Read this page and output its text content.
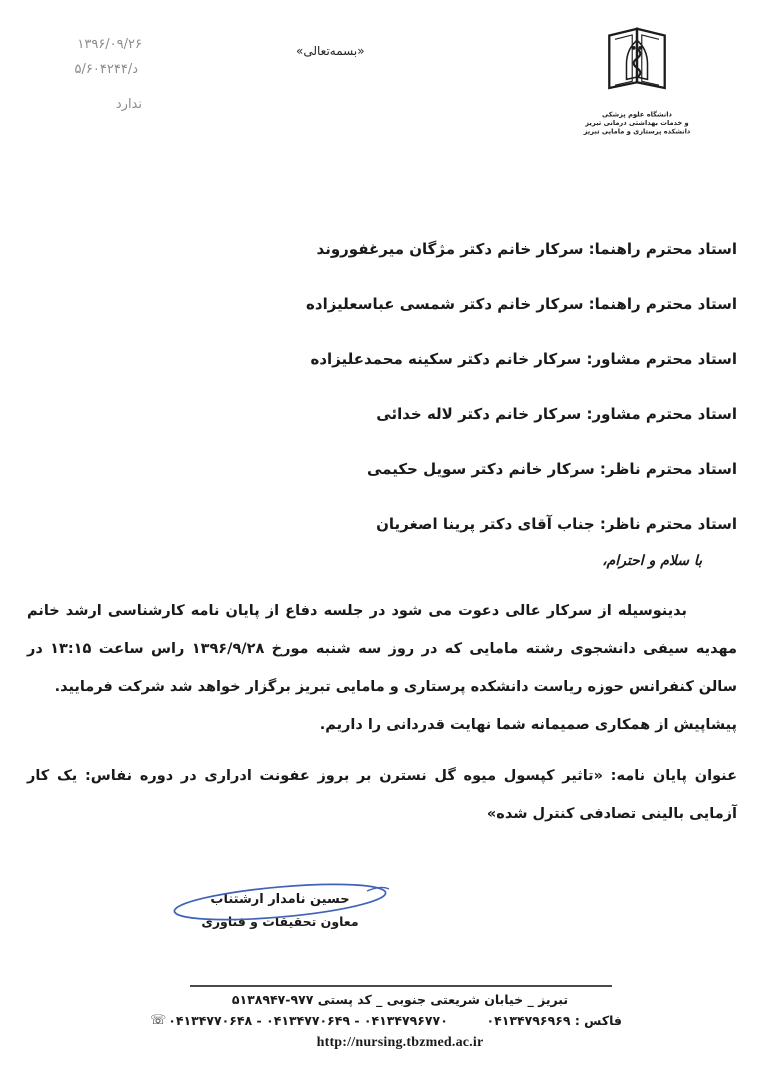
۱۳۹۶/۰۹/۲۶
۵/د/۶۰۴۲۴۴
ندارد
«بسمه‌تعالی»
دانشگاه علوم پزشکی
و خدمات بهداشتی درمانی تبریز
دانشکده پرستاری و مامایی تبریز
استاد محترم راهنما: سرکار خانم دکتر مژگان میرغفوروند
استاد محترم راهنما: سرکار خانم دکتر شمسی عباسعلیزاده
استاد محترم مشاور: سرکار خانم دکتر سکینه محمدعلیزاده
استاد محترم مشاور: سرکار خانم دکتر لاله خدائی
استاد محترم ناظر: سرکار خانم دکتر سویل حکیمی
استاد محترم ناظر: جناب آقای دکتر پرینا اصغریان
با سلام و احترام،

بدینوسیله از سرکار عالی دعوت می شود در جلسه دفاع از پایان نامه کارشناسی ارشد خانم مهدیه سیفی دانشجوی رشته مامایی که در روز سه شنبه مورخ ۱۳۹۶/۹/۲۸ راس ساعت ۱۳:۱۵ در سالن کنفرانس حوزه ریاست دانشکده پرستاری و مامایی تبریز برگزار خواهد شد شرکت فرمایید.

پیشاپیش از همکاری صمیمانه شما نهایت قدردانی را داریم.

عنوان پایان نامه: «تاثیر کپسول میوه گل نسترن بر بروز عفونت ادراری در دوره نفاس: یک کار آزمایی بالینی تصادفی کنترل شده»

حسین نامدار ارشتناب
معاون تحقیقات و فناوری
تبریز _ خیابان شریعتی جنوبی _ کد پستی ۵۱۳۸۹۴۷-۹۷۷
فاکس : ۰۴۱۳۴۷۹۶۹۶۹
۰۴۱۳۴۷۷۰۶۴۸ - ۰۴۱۳۴۷۷۰۶۴۹ - ۰۴۱۳۴۷۹۶۷۷۰
☏
http://nursing.tbzmed.ac.ir
